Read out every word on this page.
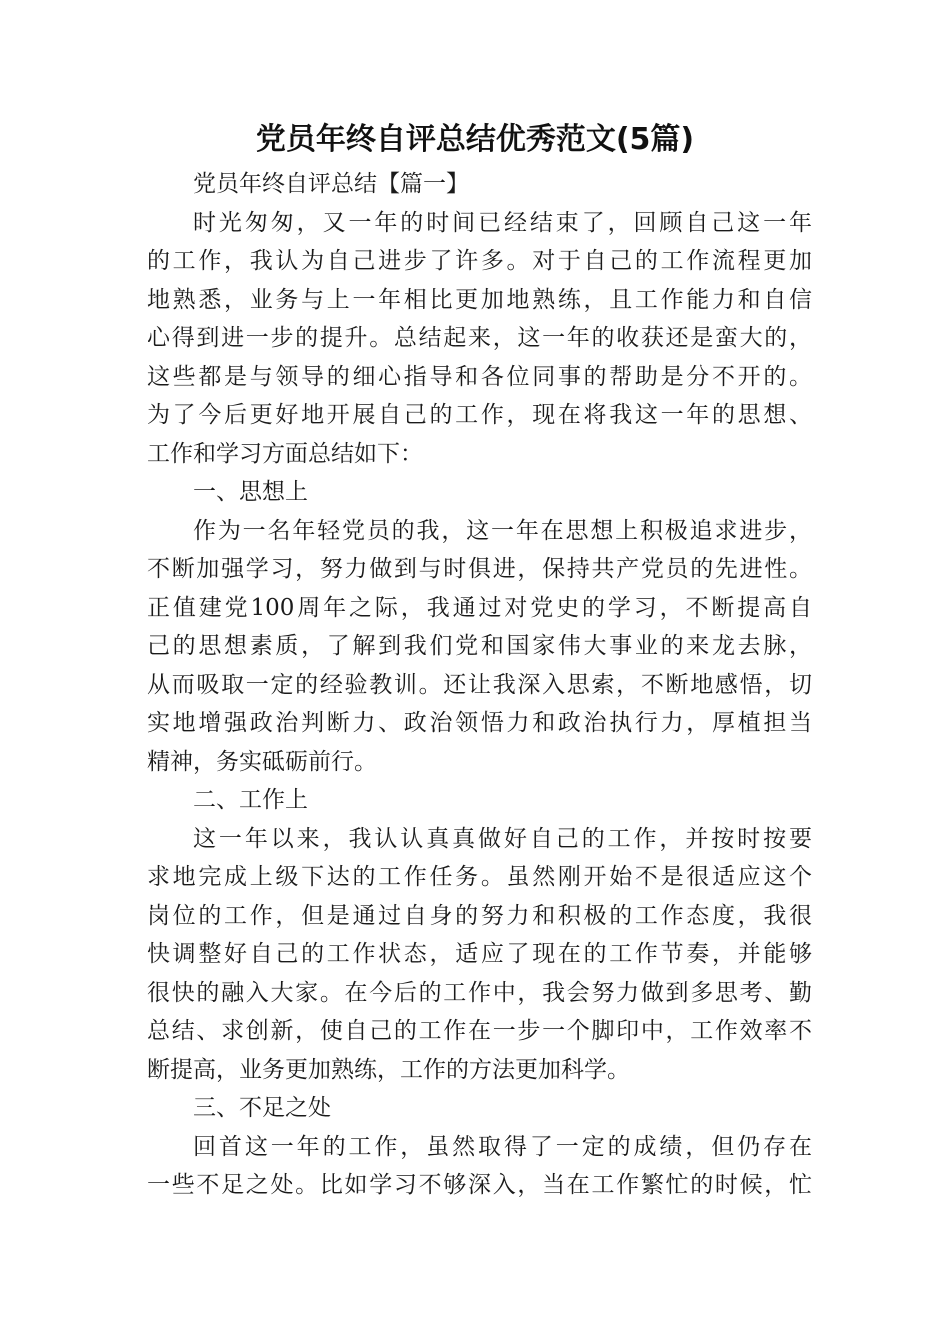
党员年终自评总结优秀范文(5篇)
党员年终自评总结【篇一】
时光匆匆，又一年的时间已经结束了，回顾自己这一年
的工作，我认为自己进步了许多。对于自己的工作流程更加
地熟悉，业务与上一年相比更加地熟练，且工作能力和自信
心得到进一步的提升。总结起来，这一年的收获还是蛮大的，
这些都是与领导的细心指导和各位同事的帮助是分不开的。
为了今后更好地开展自己的工作，现在将我这一年的思想、
工作和学习方面总结如下：
一、思想上
作为一名年轻党员的我，这一年在思想上积极追求进步，
不断加强学习，努力做到与时俱进，保持共产党员的先进性。
正值建党100周年之际，我通过对党史的学习，不断提高自
己的思想素质，了解到我们党和国家伟大事业的来龙去脉，
从而吸取一定的经验教训。还让我深入思索，不断地感悟，切
实地增强政治判断力、政治领悟力和政治执行力，厚植担当
精神，务实砥砺前行。
二、工作上
这一年以来，我认认真真做好自己的工作，并按时按要
求地完成上级下达的工作任务。虽然刚开始不是很适应这个
岗位的工作，但是通过自身的努力和积极的工作态度，我很
快调整好自己的工作状态，适应了现在的工作节奏，并能够
很快的融入大家。在今后的工作中，我会努力做到多思考、勤
总结、求创新，使自己的工作在一步一个脚印中，工作效率不
断提高，业务更加熟练，工作的方法更加科学。
三、不足之处
回首这一年的工作，虽然取得了一定的成绩，但仍存在
一些不足之处。比如学习不够深入，当在工作繁忙的时候，忙
